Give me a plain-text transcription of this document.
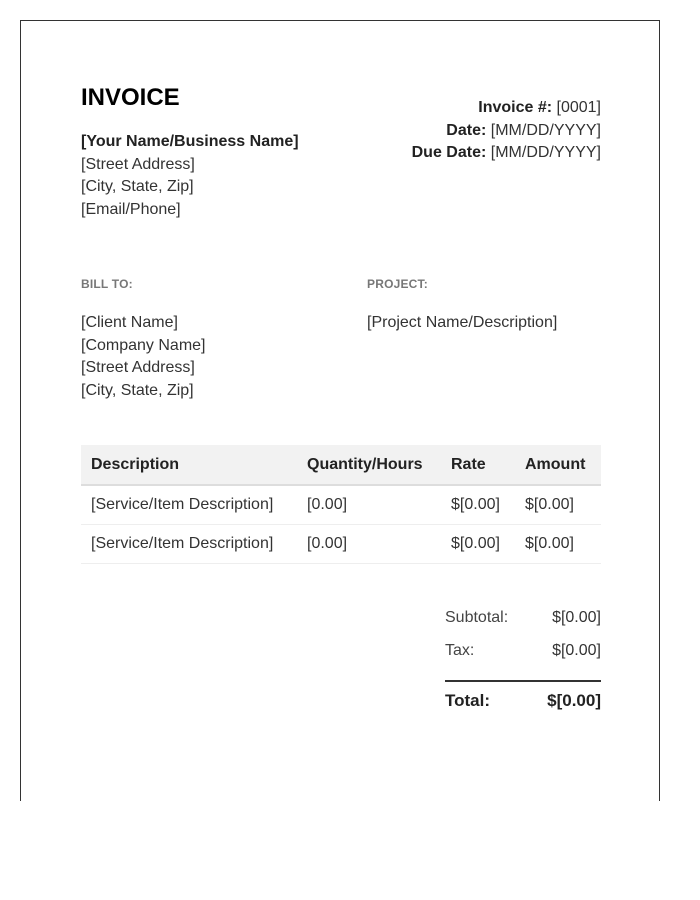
INVOICE
[Your Name/Business Name]
[Street Address]
[City, State, Zip]
[Email/Phone]
Invoice #: [0001]
Date: [MM/DD/YYYY]
Due Date: [MM/DD/YYYY]
BILL TO:
[Client Name]
[Company Name]
[Street Address]
[City, State, Zip]
PROJECT:
[Project Name/Description]
Description	Quantity/Hours	Rate	Amount
[Service/Item Description]	[0.00]	$[0.00]	$[0.00]
[Service/Item Description]	[0.00]	$[0.00]	$[0.00]
Subtotal:	$[0.00]
Tax:	$[0.00]
Total:	$[0.00]
